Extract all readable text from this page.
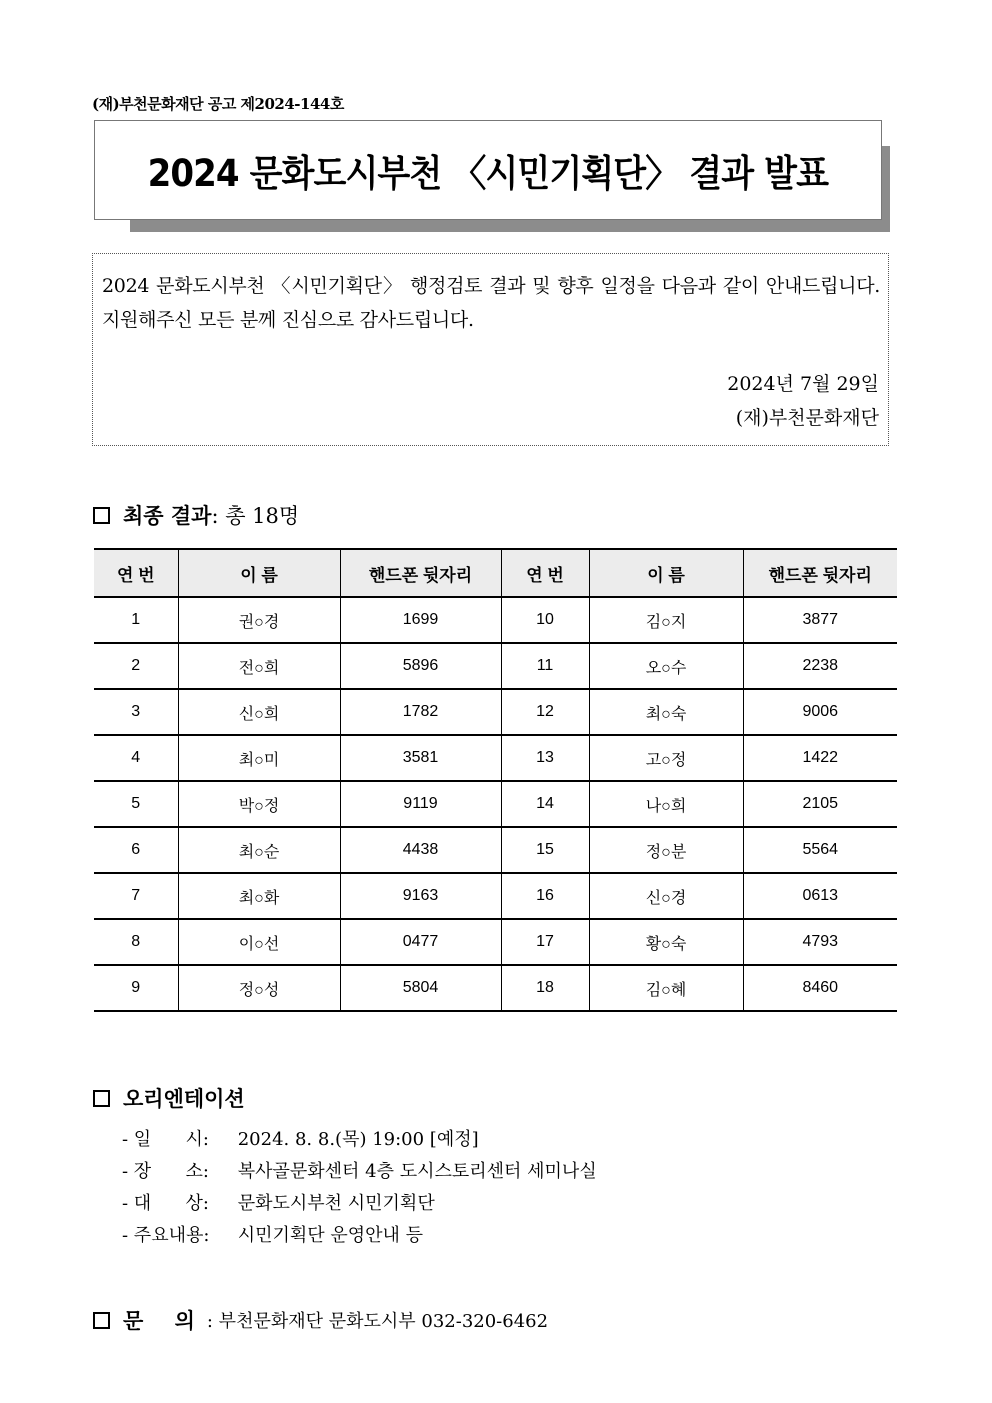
(재)부천문화재단 공고 제2024-144호
2024 문화도시부천 〈시민기획단〉 결과 발표
2024 문화도시부천 〈시민기획단〉 행정검토 결과 및 향후 일정을 다음과 같이 안내드립니다. 지원해주신 모든 분께 진심으로 감사드립니다.
2024년 7월 29일
(재)부천문화재단
최종 결과 : 총 18명
연 번	이 름	핸드폰 뒷자리	연 번	이 름	핸드폰 뒷자리
1	권○경	1699	10	김○지	3877
2	전○희	5896	11	오○수	2238
3	신○희	1782	12	최○숙	9006
4	최○미	3581	13	고○정	1422
5	박○정	9119	14	나○희	2105
6	최○순	4438	15	정○분	5564
7	최○화	9163	16	신○경	0613
8	이○선	0477	17	황○숙	4793
9	정○성	5804	18	김○혜	8460
오리엔테이션
- 일      시:	2024. 8. 8.(목) 19:00 [예정]
- 장      소:	복사골문화센터 4층 도시스토리센터 세미나실
- 대      상:	문화도시부천 시민기획단
- 주요내용:	시민기획단 운영안내 등
문 의 : 부천문화재단 문화도시부 032-320-6462
